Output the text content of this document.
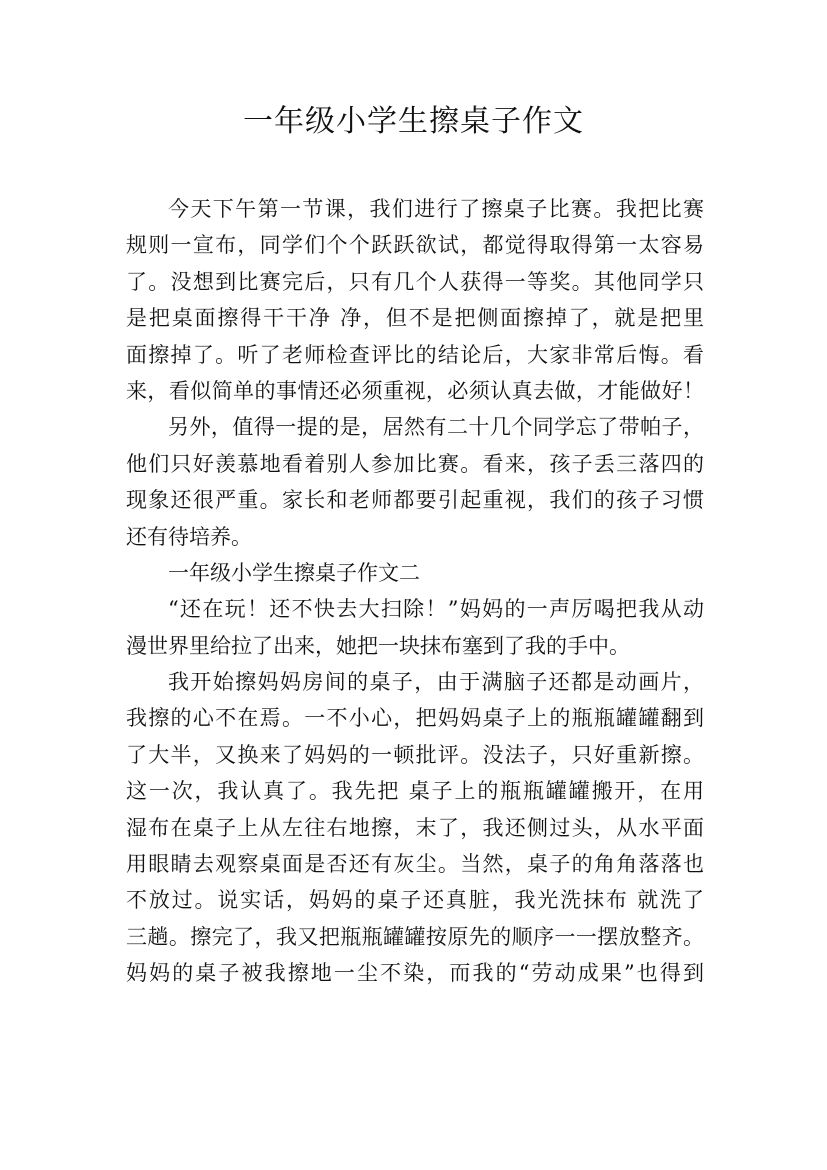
一年级小学生擦桌子作文
今天下午第一节课，我们进行了擦桌子比赛。我把比赛
规则一宣布，同学们个个跃跃欲试，都觉得取得第一太容易
了。没想到比赛完后，只有几个人获得一等奖。其他同学只
是把桌面擦得干干净 净，但不是把侧面擦掉了，就是把里
面擦掉了。听了老师检查评比的结论后，大家非常后悔。看
来，看似简单的事情还必须重视，必须认真去做，才能做好！
另外，值得一提的是，居然有二十几个同学忘了带帕子，
他们只好羡慕地看着别人参加比赛。看来，孩子丢三落四的
现象还很严重。家长和老师都要引起重视，我们的孩子习惯
还有待培养。
一年级小学生擦桌子作文二
“还在玩！还不快去大扫除！”妈妈的一声厉喝把我从动
漫世界里给拉了出来，她把一块抹布塞到了我的手中。
我开始擦妈妈房间的桌子，由于满脑子还都是动画片，
我擦的心不在焉。一不小心，把妈妈桌子上的瓶瓶罐罐翻到
了大半，又换来了妈妈的一顿批评。没法子，只好重新擦。
这一次，我认真了。我先把 桌子上的瓶瓶罐罐搬开，在用
湿布在桌子上从左往右地擦，末了，我还侧过头，从水平面
用眼睛去观察桌面是否还有灰尘。当然，桌子的角角落落也
不放过。说实话，妈妈的桌子还真脏，我光洗抹布 就洗了
三趟。擦完了，我又把瓶瓶罐罐按原先的顺序一一摆放整齐。
妈妈的桌子被我擦地一尘不染，而我的“劳动成果”也得到
